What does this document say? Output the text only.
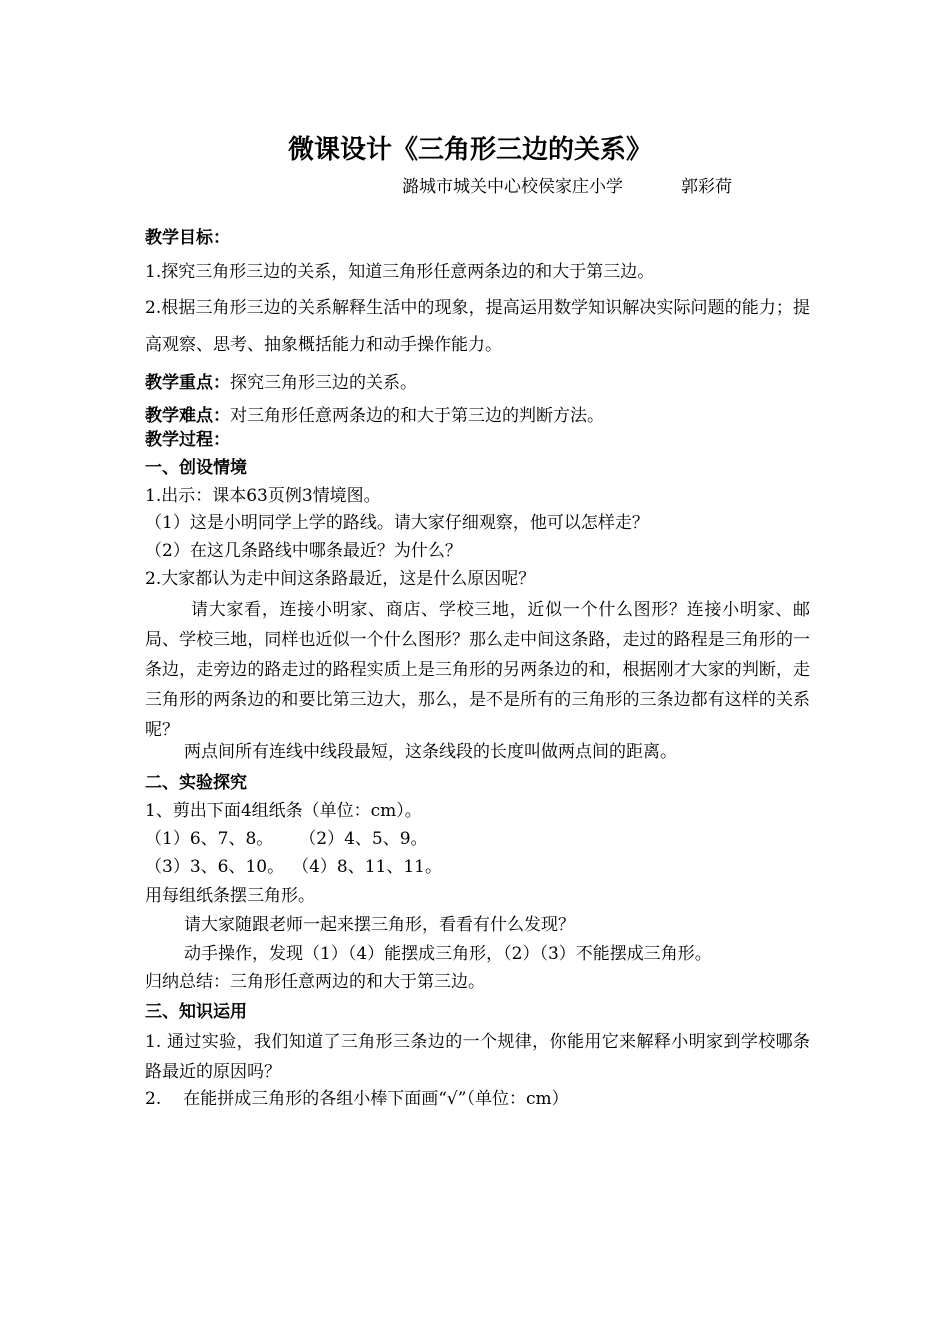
微课设计《三角形三边的关系》
潞城市城关中心校侯家庄小学	郭彩荷
教学目标：
1.探究三角形三边的关系，知道三角形任意两条边的和大于第三边。
2.根据三角形三边的关系解释生活中的现象，提高运用数学知识解决实际问题的能力；提高观察、思考、抽象概括能力和动手操作能力。
教学重点：探究三角形三边的关系。
教学难点：对三角形任意两条边的和大于第三边的判断方法。
教学过程：
一、创设情境
1.出示：课本63页例3情境图。
（1）这是小明同学上学的路线。请大家仔细观察，他可以怎样走？
（2）在这几条路线中哪条最近？为什么？
2.大家都认为走中间这条路最近，这是什么原因呢？
请大家看，连接小明家、商店、学校三地，近似一个什么图形？连接小明家、邮局、学校三地，同样也近似一个什么图形？那么走中间这条路，走过的路程是三角形的一条边，走旁边的路走过的路程实质上是三角形的另两条边的和，根据刚才大家的判断，走三角形的两条边的和要比第三边大，那么，是不是所有的三角形的三条边都有这样的关系呢？
两点间所有连线中线段最短，这条线段的长度叫做两点间的距离。
二、实验探究
1、剪出下面4组纸条（单位：cm）。
（1）6、7、8。 （2）4、5、9。
（3）3、6、10。 （4）8、11、11。
用每组纸条摆三角形。
请大家随跟老师一起来摆三角形，看看有什么发现？
动手操作，发现（1）（4）能摆成三角形，（2）（3）不能摆成三角形。
归纳总结：三角形任意两边的和大于第三边。
三、知识运用
1. 通过实验，我们知道了三角形三条边的一个规律，你能用它来解释小明家到学校哪条路最近的原因吗？
2. 在能拼成三角形的各组小棒下面画“√”（单位：cm）
